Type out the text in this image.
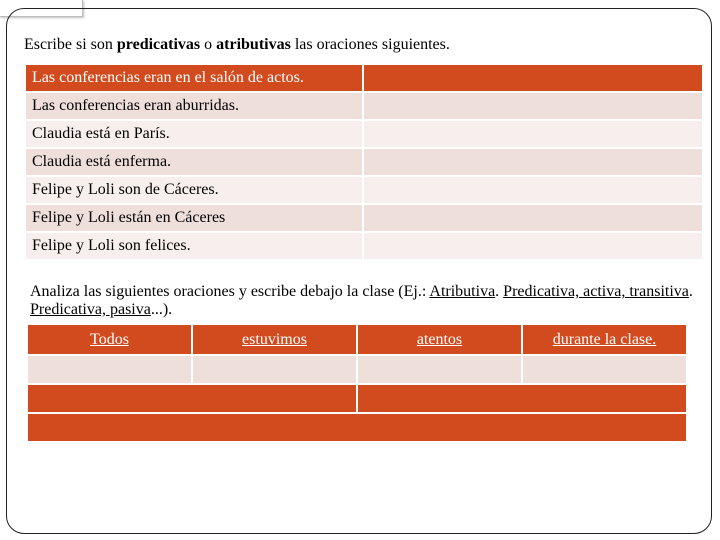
Escribe si son predicativas o atributivas las oraciones siguientes.
Las conferencias eran en el salón de actos.	
Las conferencias eran aburridas.	
Claudia está en París.	
Claudia está enferma.	
Felipe y Loli son de Cáceres.	
Felipe y Loli están en Cáceres	
Felipe y Loli son felices.	
Analiza las siguientes oraciones y escribe debajo la clase (Ej.: Atributiva. Predicativa, activa, transitiva. Predicativa, pasiva...).
Todos	estuvimos	atentos	durante la clase.
